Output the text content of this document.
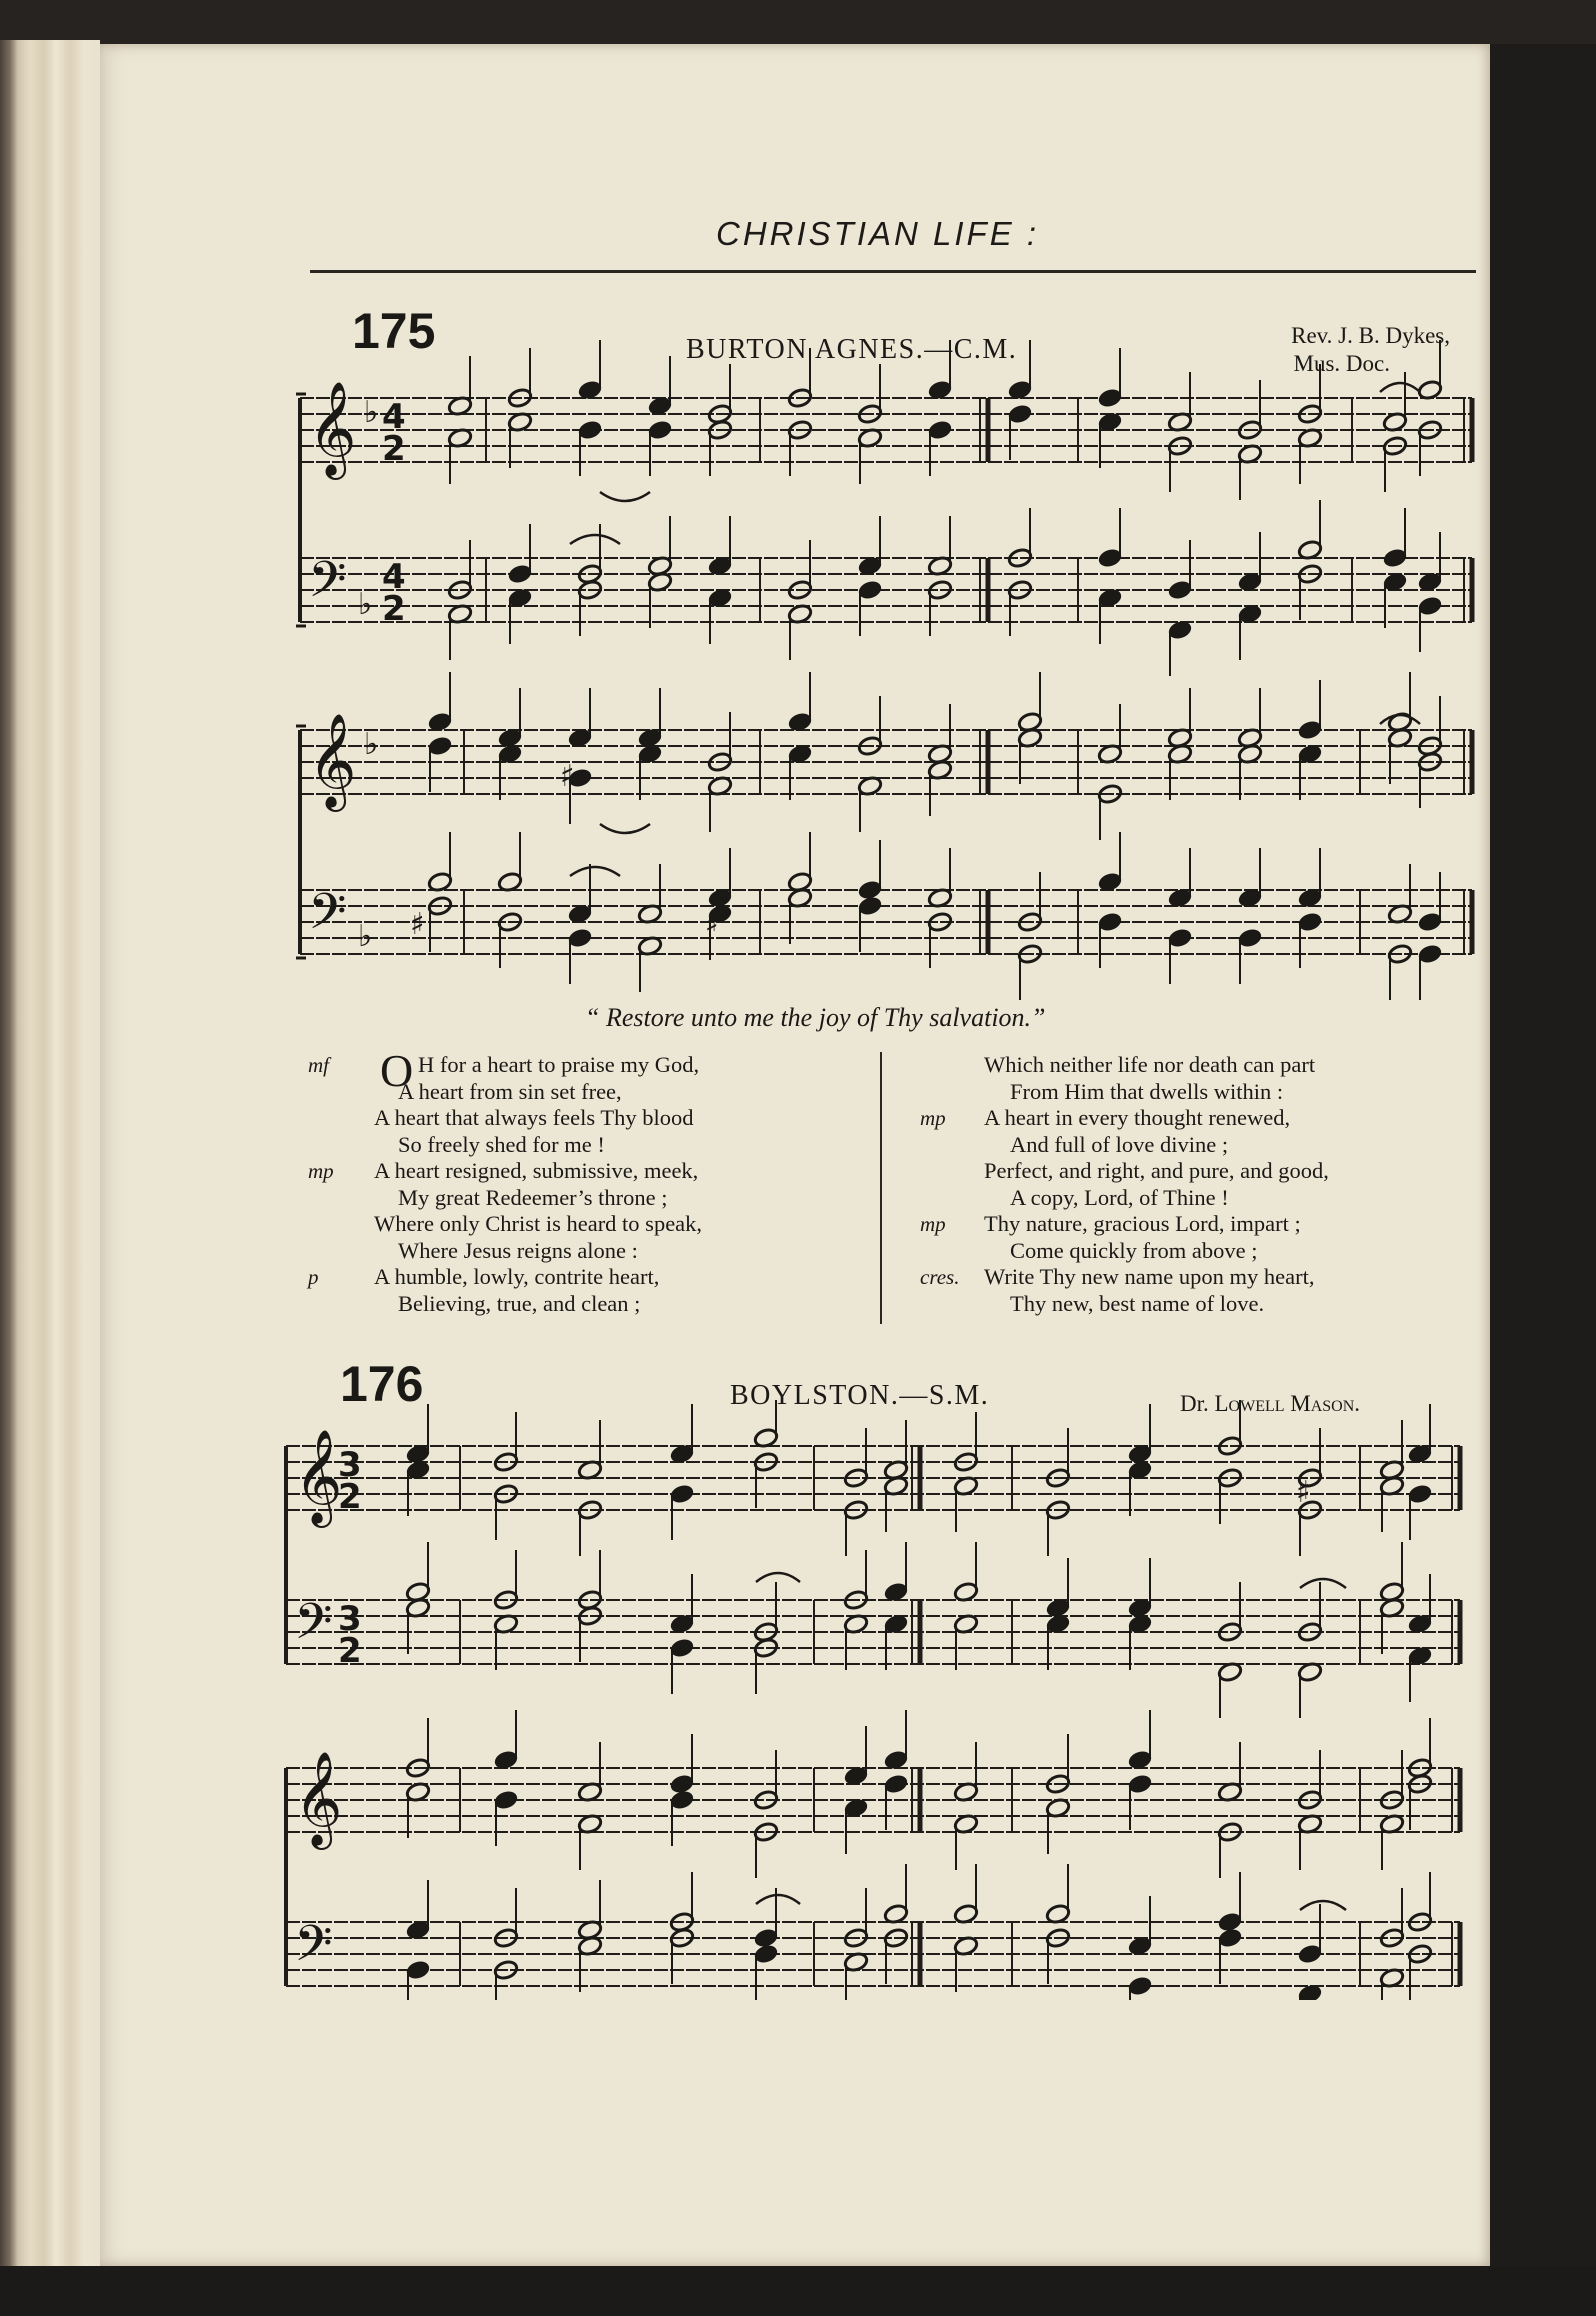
CHRISTIAN LIFE :
175	BURTON AGNES.—C.M.	Rev. J. B. Dykes,
Mus. Doc.
𝄞
𝄢
♭
♭
4
2
4
2
𝄞
𝄢
♭
♭
♯
♯	♯
“ Restore unto me the joy of Thy salvation.”
mf O H for a heart to praise my God,
A heart from sin set free,
A heart that always feels Thy blood
So freely shed for me !
mp A heart resigned, submissive, meek,
My great Redeemer’s throne ;
Where only Christ is heard to speak,
Where Jesus reigns alone :
p A humble, lowly, contrite heart,
Believing, true, and clean ;
Which neither life nor death can part
From Him that dwells within :
mp A heart in every thought renewed,
And full of love divine ;
Perfect, and right, and pure, and good,
A copy, Lord, of Thine !
mp Thy nature, gracious Lord, impart ;
Come quickly from above ;
cres. Write Thy new name upon my heart,
Thy new, best name of love.
176	BOYLSTON.—S.M.	Dr. Lowell Mason.
𝄞
𝄢
3
2
3
2
♯
𝄞
𝄢
